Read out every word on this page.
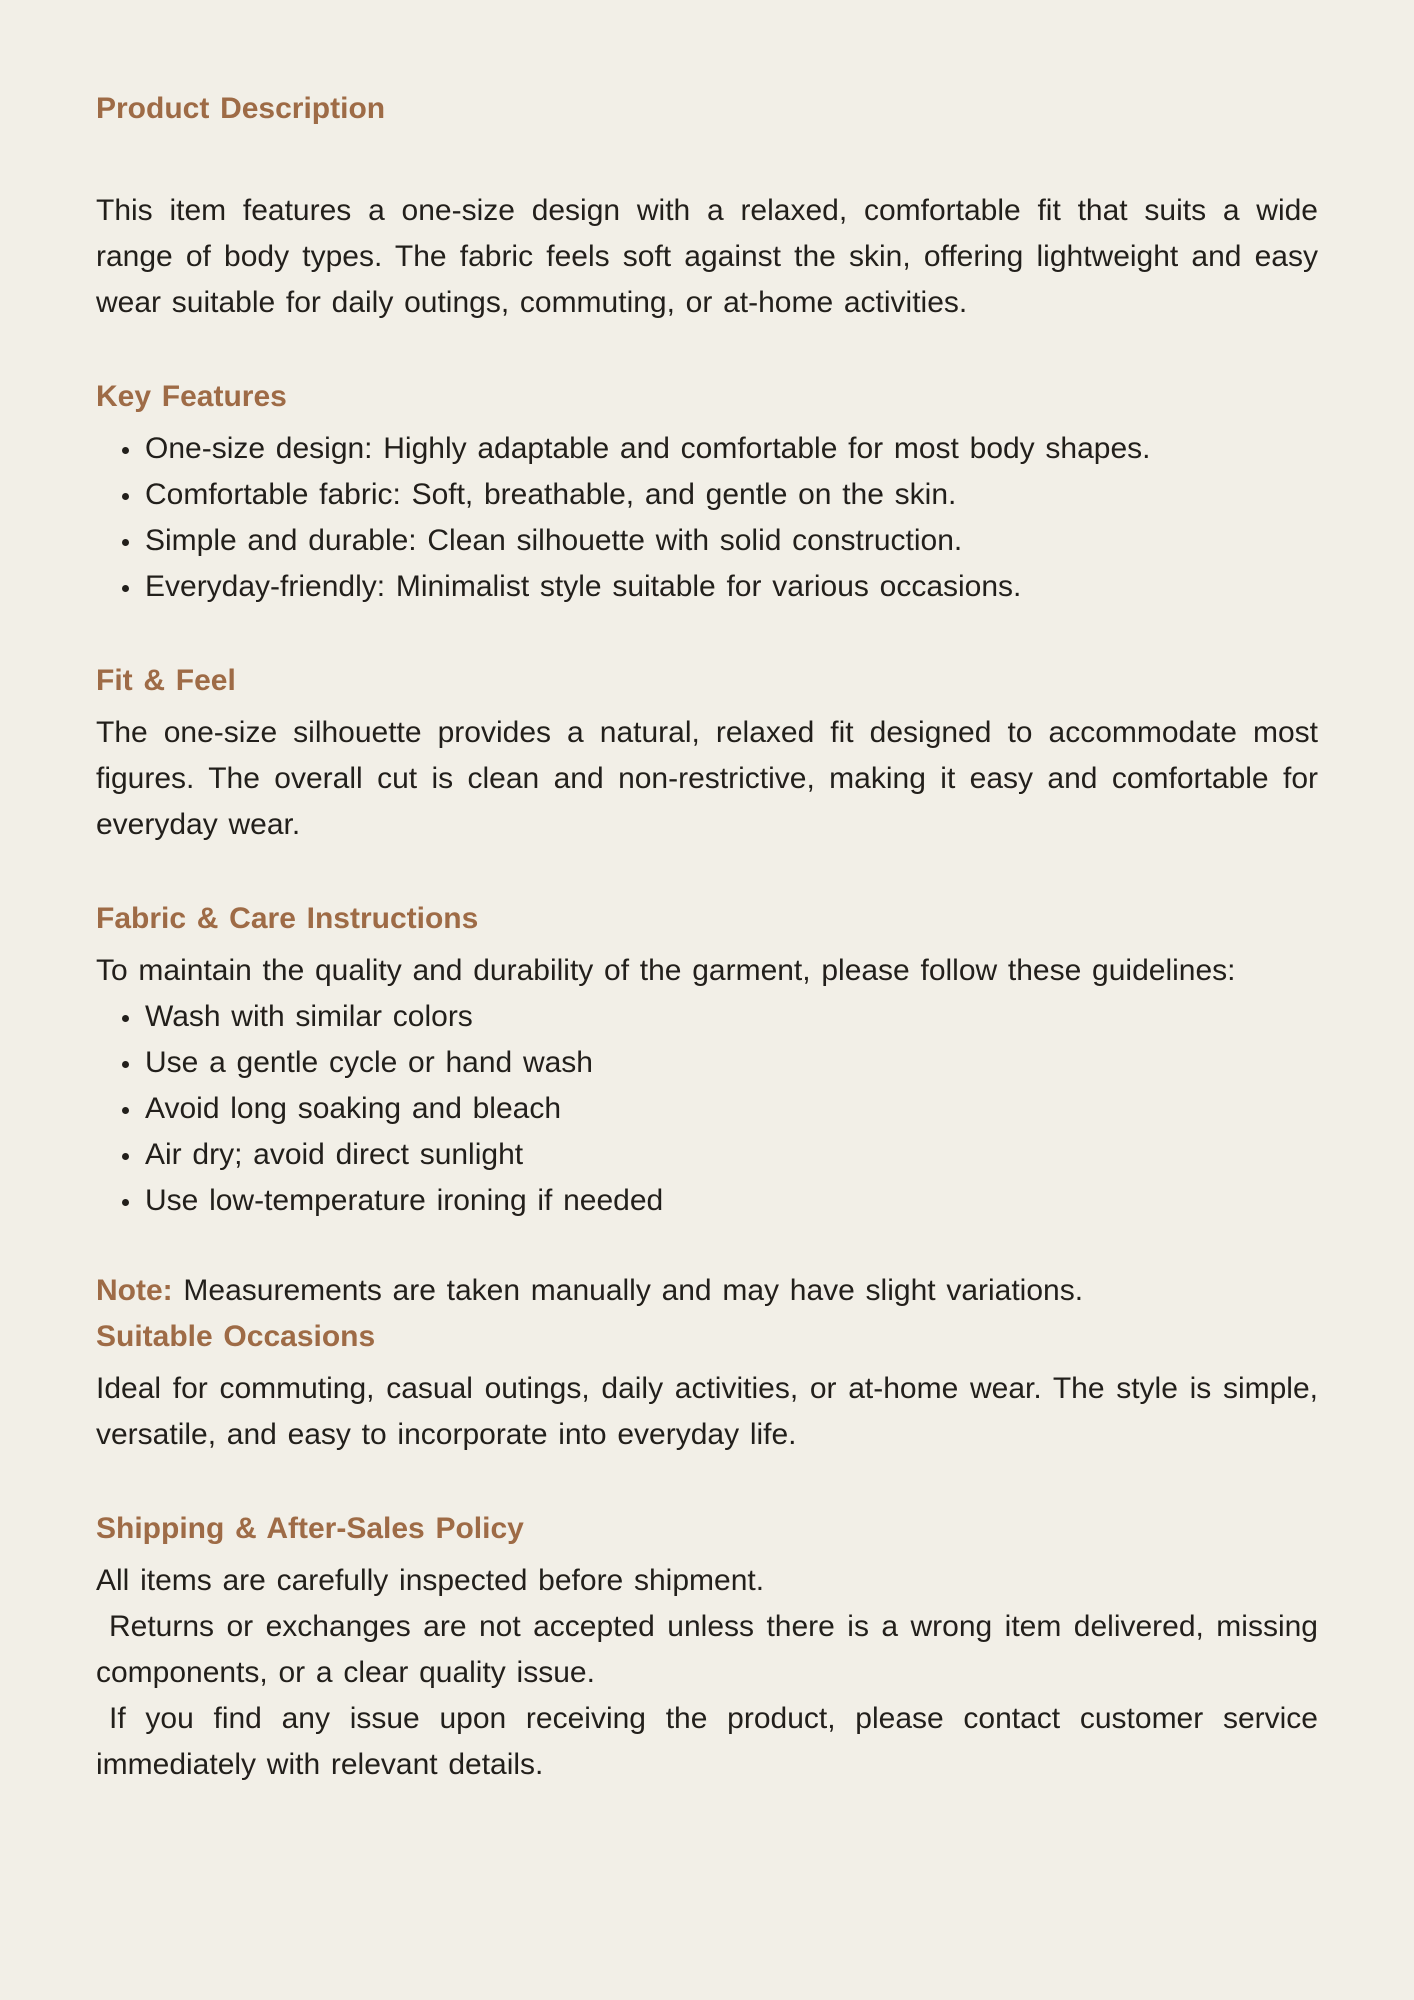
Product Description

This item features a one-size design with a relaxed, comfortable fit that suits a wide range of body types. The fabric feels soft against the skin, offering lightweight and easy wear suitable for daily outings, commuting, or at-home activities.

Key Features
• One-size design: Highly adaptable and comfortable for most body shapes.
• Comfortable fabric: Soft, breathable, and gentle on the skin.
• Simple and durable: Clean silhouette with solid construction.
• Everyday-friendly: Minimalist style suitable for various occasions.
Fit & Feel

The one-size silhouette provides a natural, relaxed fit designed to accommodate most figures. The overall cut is clean and non-restrictive, making it easy and comfortable for everyday wear.

Fabric & Care Instructions

To maintain the quality and durability of the garment, please follow these guidelines:

• Wash with similar colors
• Use a gentle cycle or hand wash
• Avoid long soaking and bleach
• Air dry; avoid direct sunlight
• Use low-temperature ironing if needed

Note: Measurements are taken manually and may have slight variations.

Suitable Occasions

Ideal for commuting, casual outings, daily activities, or at-home wear. The style is simple, versatile, and easy to incorporate into everyday life.

Shipping & After-Sales Policy

All items are carefully inspected before shipment.

Returns or exchanges are not accepted unless there is a wrong item delivered, missing components, or a clear quality issue.

If you find any issue upon receiving the product, please contact customer service immediately with relevant details.
